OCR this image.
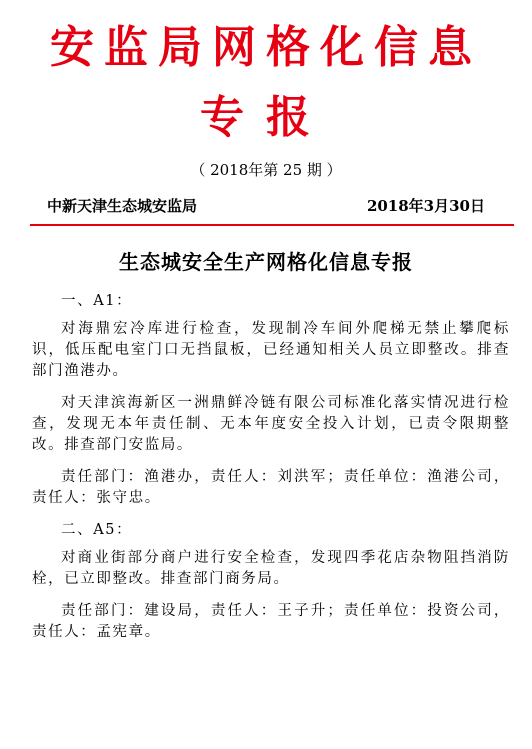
安监局网格化信息
专报
（ 2018年第 25 期 ）
中新天津生态城安监局	2018年3月30日
生态城安全生产网格化信息专报

一、A1：

对海鼎宏冷库进行检查，发现制冷车间外爬梯无禁止攀爬标识，低压配电室门口无挡鼠板，已经通知相关人员立即整改。排查部门渔港办。

对天津滨海新区一洲鼎鲜冷链有限公司标准化落实情况进行检查，发现无本年责任制、无本年度安全投入计划，已责令限期整改。排查部门安监局。

责任部门：渔港办，责任人：刘洪军；责任单位：渔港公司，责任人：张守忠。

二、A5：

对商业街部分商户进行安全检查，发现四季花店杂物阻挡消防栓，已立即整改。排查部门商务局。

责任部门：建设局，责任人：王子升；责任单位：投资公司，责任人：孟宪章。
